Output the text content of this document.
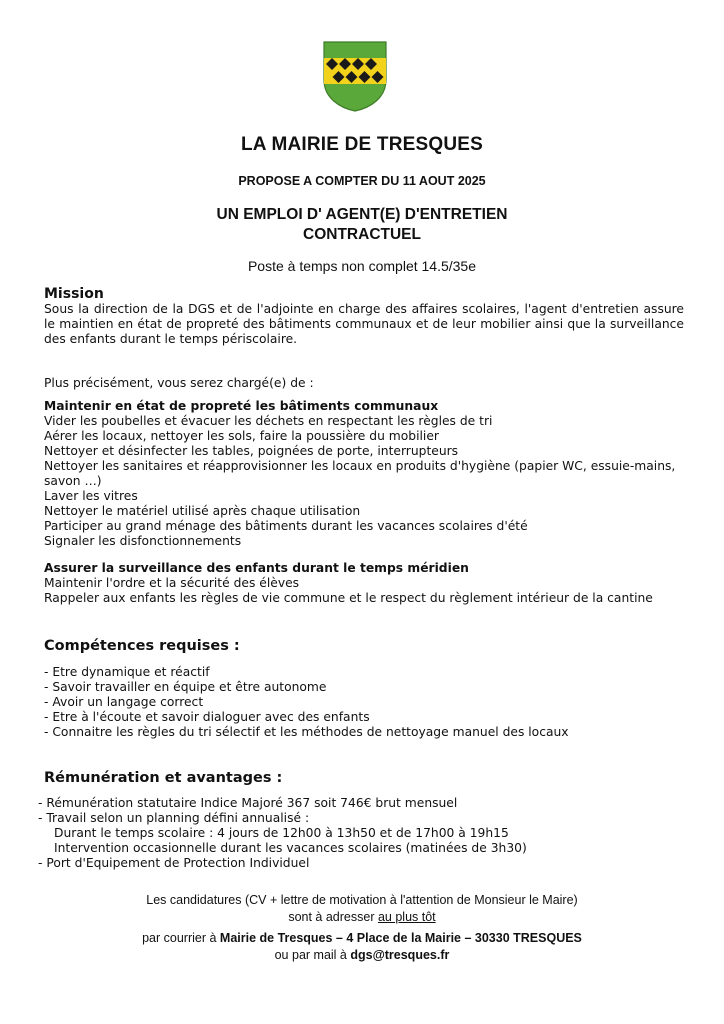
LA MAIRIE DE TRESQUES
PROPOSE A COMPTER DU 11 AOUT 2025
UN EMPLOI D' AGENT(E) D'ENTRETIEN
CONTRACTUEL
Poste à temps non complet 14.5/35e
Mission
Sous la direction de la DGS et de l'adjointe en charge des affaires scolaires, l'agent d'entretien assure le maintien en état de propreté des bâtiments communaux et de leur mobilier ainsi que la surveillance des enfants durant le temps périscolaire.
Plus précisément, vous serez chargé(e) de :
Maintenir en état de propreté les bâtiments communaux
Vider les poubelles et évacuer les déchets en respectant les règles de tri
Aérer les locaux, nettoyer les sols, faire la poussière du mobilier
Nettoyer et désinfecter les tables, poignées de porte, interrupteurs
Nettoyer les sanitaires et réapprovisionner les locaux en produits d'hygiène (papier WC, essuie-mains, savon …)
Laver les vitres
Nettoyer le matériel utilisé après chaque utilisation
Participer au grand ménage des bâtiments durant les vacances scolaires d'été
Signaler les disfonctionnements
Assurer la surveillance des enfants durant le temps méridien
Maintenir l'ordre et la sécurité des élèves
Rappeler aux enfants les règles de vie commune et le respect du règlement intérieur de la cantine
Compétences requises :
- Etre dynamique et réactif
- Savoir travailler en équipe et être autonome
- Avoir un langage correct
- Etre à l'écoute et savoir dialoguer avec des enfants
- Connaitre les règles du tri sélectif et les méthodes de nettoyage manuel des locaux
Rémunération et avantages :
- Rémunération statutaire Indice Majoré 367 soit 746€ brut mensuel
- Travail selon un planning défini annualisé :
Durant le temps scolaire : 4 jours de 12h00 à 13h50 et de 17h00 à 19h15
Intervention occasionnelle durant les vacances scolaires (matinées de 3h30)
- Port d'Equipement de Protection Individuel
Les candidatures (CV + lettre de motivation à l'attention de Monsieur le Maire)
sont à adresser au plus tôt
par courrier à Mairie de Tresques – 4 Place de la Mairie – 30330 TRESQUES
ou par mail à dgs@tresques.fr
